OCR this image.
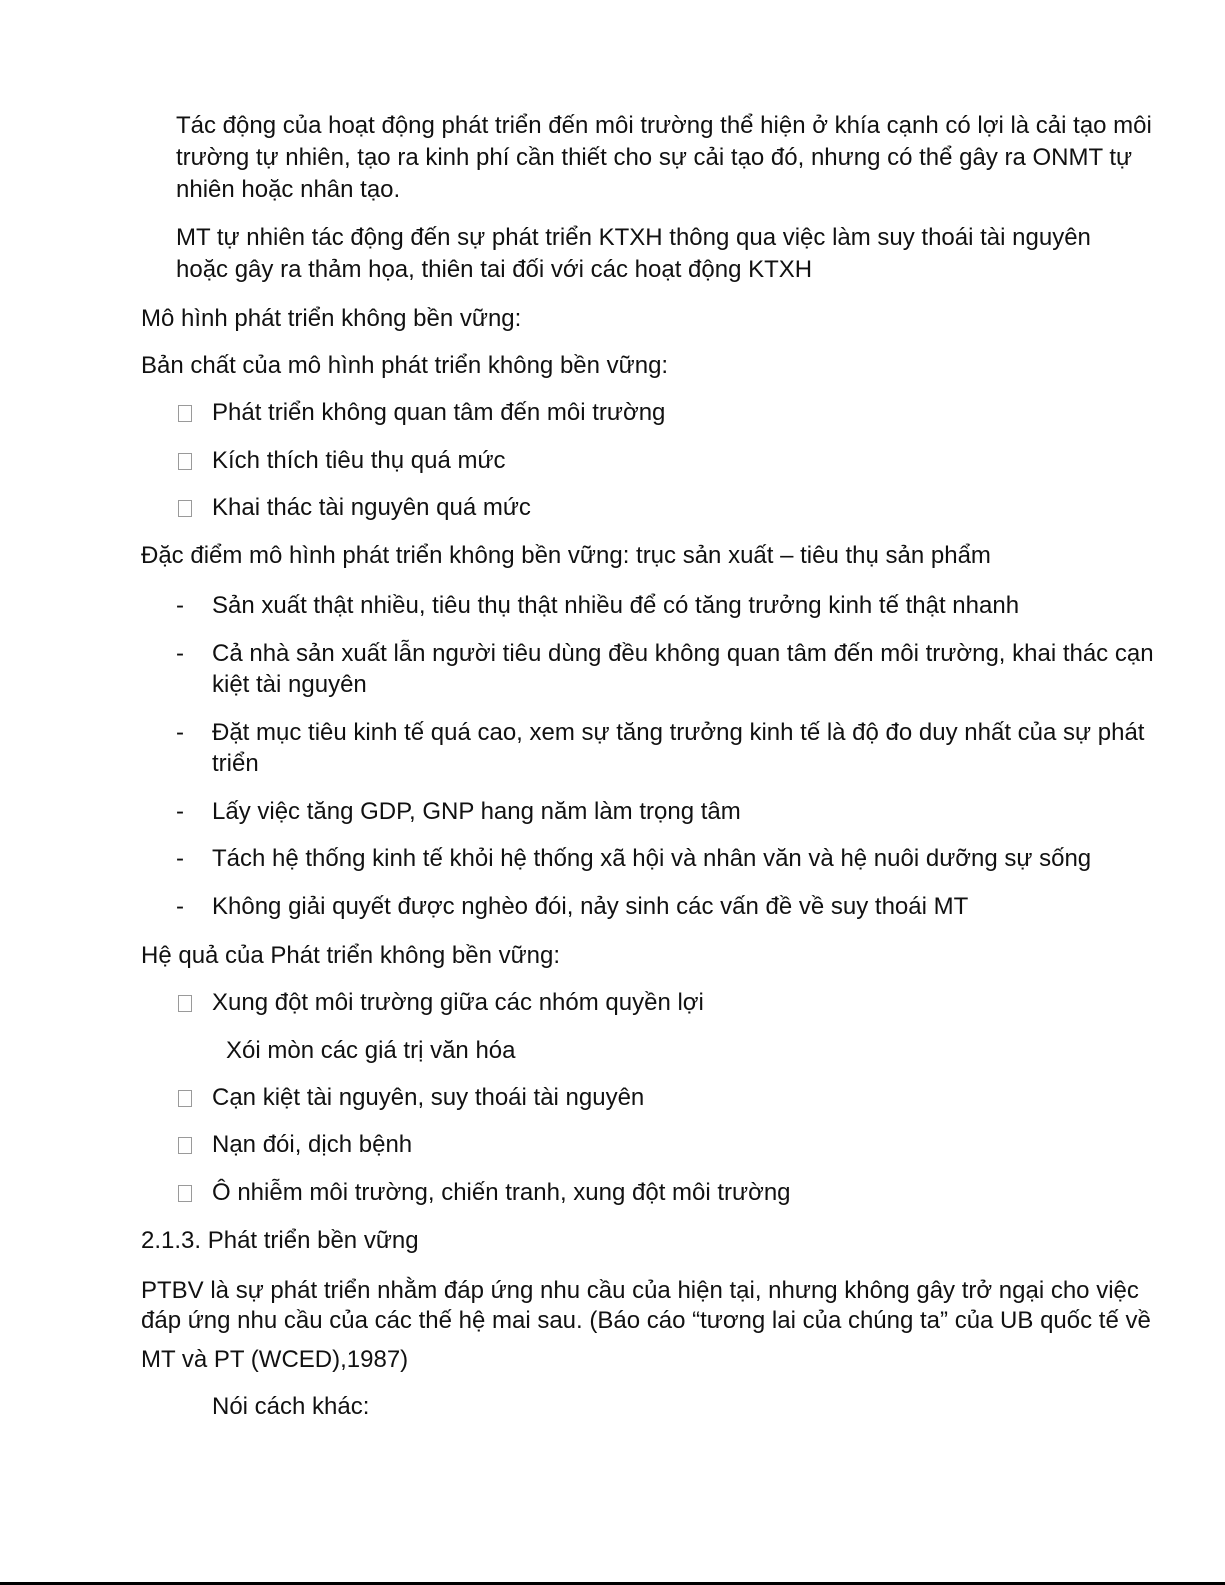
Tác động của hoạt động phát triển đến môi trường thể hiện ở khía cạnh có lợi là cải tạo môi
trường tự nhiên, tạo ra kinh phí cần thiết cho sự cải tạo đó, nhưng có thể gây ra ONMT tự
nhiên hoặc nhân tạo.
MT tự nhiên tác động đến sự phát triển KTXH thông qua việc làm suy thoái tài nguyên
hoặc gây ra thảm họa, thiên tai đối với các hoạt động KTXH
Mô hình phát triển không bền vững:
Bản chất của mô hình phát triển không bền vững:
Phát triển không quan tâm đến môi trường
Kích thích tiêu thụ quá mức
Khai thác tài nguyên quá mức
Đặc điểm mô hình phát triển không bền vững: trục sản xuất – tiêu thụ sản phẩm
- Sản xuất thật nhiều, tiêu thụ thật nhiều để có tăng trưởng kinh tế thật nhanh
- Cả nhà sản xuất lẫn người tiêu dùng đều không quan tâm đến môi trường, khai thác cạn
kiệt tài nguyên
- Đặt mục tiêu kinh tế quá cao, xem sự tăng trưởng kinh tế là độ đo duy nhất của sự phát
triển
- Lấy việc tăng GDP, GNP hang năm làm trọng tâm
- Tách hệ thống kinh tế khỏi hệ thống xã hội và nhân văn và hệ nuôi dưỡng sự sống
- Không giải quyết được nghèo đói, nảy sinh các vấn đề về suy thoái MT
Hệ quả của Phát triển không bền vững:
Xung đột môi trường giữa các nhóm quyền lợi
Xói mòn các giá trị văn hóa
Cạn kiệt tài nguyên, suy thoái tài nguyên
Nạn đói, dịch bệnh
Ô nhiễm môi trường, chiến tranh, xung đột môi trường
2.1.3. Phát triển bền vững
PTBV là sự phát triển nhằm đáp ứng nhu cầu của hiện tại, nhưng không gây trở ngại cho việc
đáp ứng nhu cầu của các thế hệ mai sau. (Báo cáo “tương lai của chúng ta” của UB quốc tế về
MT và PT (WCED),1987)
Nói cách khác:
